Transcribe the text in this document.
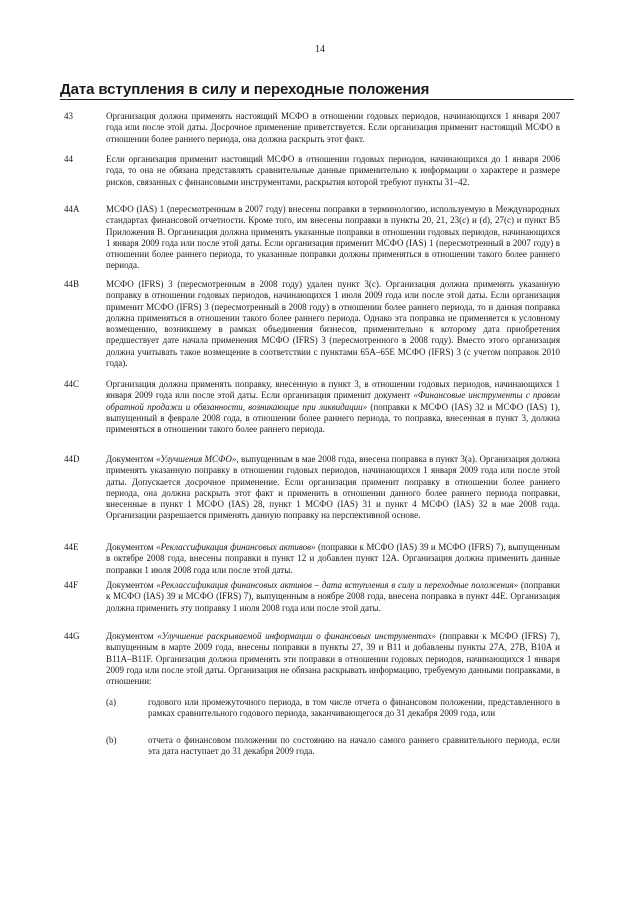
14
Дата вступления в силу и переходные положения
43	Организация должна применять настоящий МСФО в отношении годовых периодов, начинающихся 1 января 2007 года или после этой даты. Досрочное применение приветствуется. Если организация применит настоящий МСФО в отношении более раннего периода, она должна раскрыть этот факт.
44	Если организация применит настоящий МСФО в отношении годовых периодов, начинающихся до 1 января 2006 года, то она не обязана представлять сравнительные данные применительно к информации о характере и размере рисков, связанных с финансовыми инструментами, раскрытия которой требуют пункты 31–42.
44A	МСФО (IAS) 1 (пересмотренным в 2007 году) внесены поправки в терминологию, используемую в Международных стандартах финансовой отчетности. Кроме того, им внесены поправки в пункты 20, 21, 23(c) и (d), 27(c) и пункт B5 Приложения B. Организация должна применять указанные поправки в отношении годовых периодов, начинающихся 1 января 2009 года или после этой даты. Если организация применит МСФО (IAS) 1 (пересмотренный в 2007 году) в отношении более раннего периода, то указанные поправки должны применяться в отношении такого более раннего периода.
44B	МСФО (IFRS) 3 (пересмотренным в 2008 году) удален пункт 3(c). Организация должна применять указанную поправку в отношении годовых периодов, начинающихся 1 июля 2009 года или после этой даты. Если организация применит МСФО (IFRS) 3 (пересмотренный в 2008 году) в отношении более раннего периода, то и данная поправка должна применяться в отношении такого более раннего периода. Однако эта поправка не применяется к условному возмещению, возникшему в рамках объединения бизнесов, применительно к которому дата приобретения предшествует дате начала применения МСФО (IFRS) 3 (пересмотренного в 2008 году). Вместо этого организация должна учитывать такое возмещение в соответствии с пунктами 65A–65E МСФО (IFRS) 3 (с учетом поправок 2010 года).
44C	Организация должна применять поправку, внесенную в пункт 3, в отношении годовых периодов, начинающихся 1 января 2009 года или после этой даты. Если организация применит документ «Финансовые инструменты с правом обратной продажи и обязанности, возникающие при ликвидации» (поправки к МСФО (IAS) 32 и МСФО (IAS) 1), выпущенный в феврале 2008 года, в отношении более раннего периода, то поправка, внесенная в пункт 3, должна применяться в отношении такого более раннего периода.
44D	Документом «Улучшения МСФО», выпущенным в мае 2008 года, внесена поправка в пункт 3(a). Организация должна применять указанную поправку в отношении годовых периодов, начинающихся 1 января 2009 года или после этой даты. Допускается досрочное применение. Если организация применит поправку в отношении более раннего периода, она должна раскрыть этот факт и применить в отношении данного более раннего периода поправки, внесенные в пункт 1 МСФО (IAS) 28, пункт 1 МСФО (IAS) 31 и пункт 4 МСФО (IAS) 32 в мае 2008 года. Организации разрешается применять данную поправку на перспективной основе.
44E	Документом «Реклассификация финансовых активов» (поправки к МСФО (IAS) 39 и МСФО (IFRS) 7), выпущенным в октябре 2008 года, внесены поправки в пункт 12 и добавлен пункт 12A. Организация должна применить данные поправки 1 июля 2008 года или после этой даты.
44F	Документом «Реклассификация финансовых активов – дата вступления в силу и переходные положения» (поправки к МСФО (IAS) 39 и МСФО (IFRS) 7), выпущенным в ноябре 2008 года, внесена поправка в пункт 44E. Организация должна применить эту поправку 1 июля 2008 года или после этой даты.
44G	Документом «Улучшение раскрываемой информации о финансовых инструментах» (поправки к МСФО (IFRS) 7), выпущенным в марте 2009 года, внесены поправки в пункты 27, 39 и B11 и добавлены пункты 27A, 27B, B10A и B11A–B11F. Организация должна применять эти поправки в отношении годовых периодов, начинающихся 1 января 2009 года или после этой даты. Организация не обязана раскрывать информацию, требуемую данными поправками, в отношении:
(a)	годового или промежуточного периода, в том числе отчета о финансовом положении, представленного в рамках сравнительного годового периода, заканчивающегося до 31 декабря 2009 года, или
(b)	отчета о финансовом положении по состоянию на начало самого раннего сравнительного периода, если эта дата наступает до 31 декабря 2009 года.
